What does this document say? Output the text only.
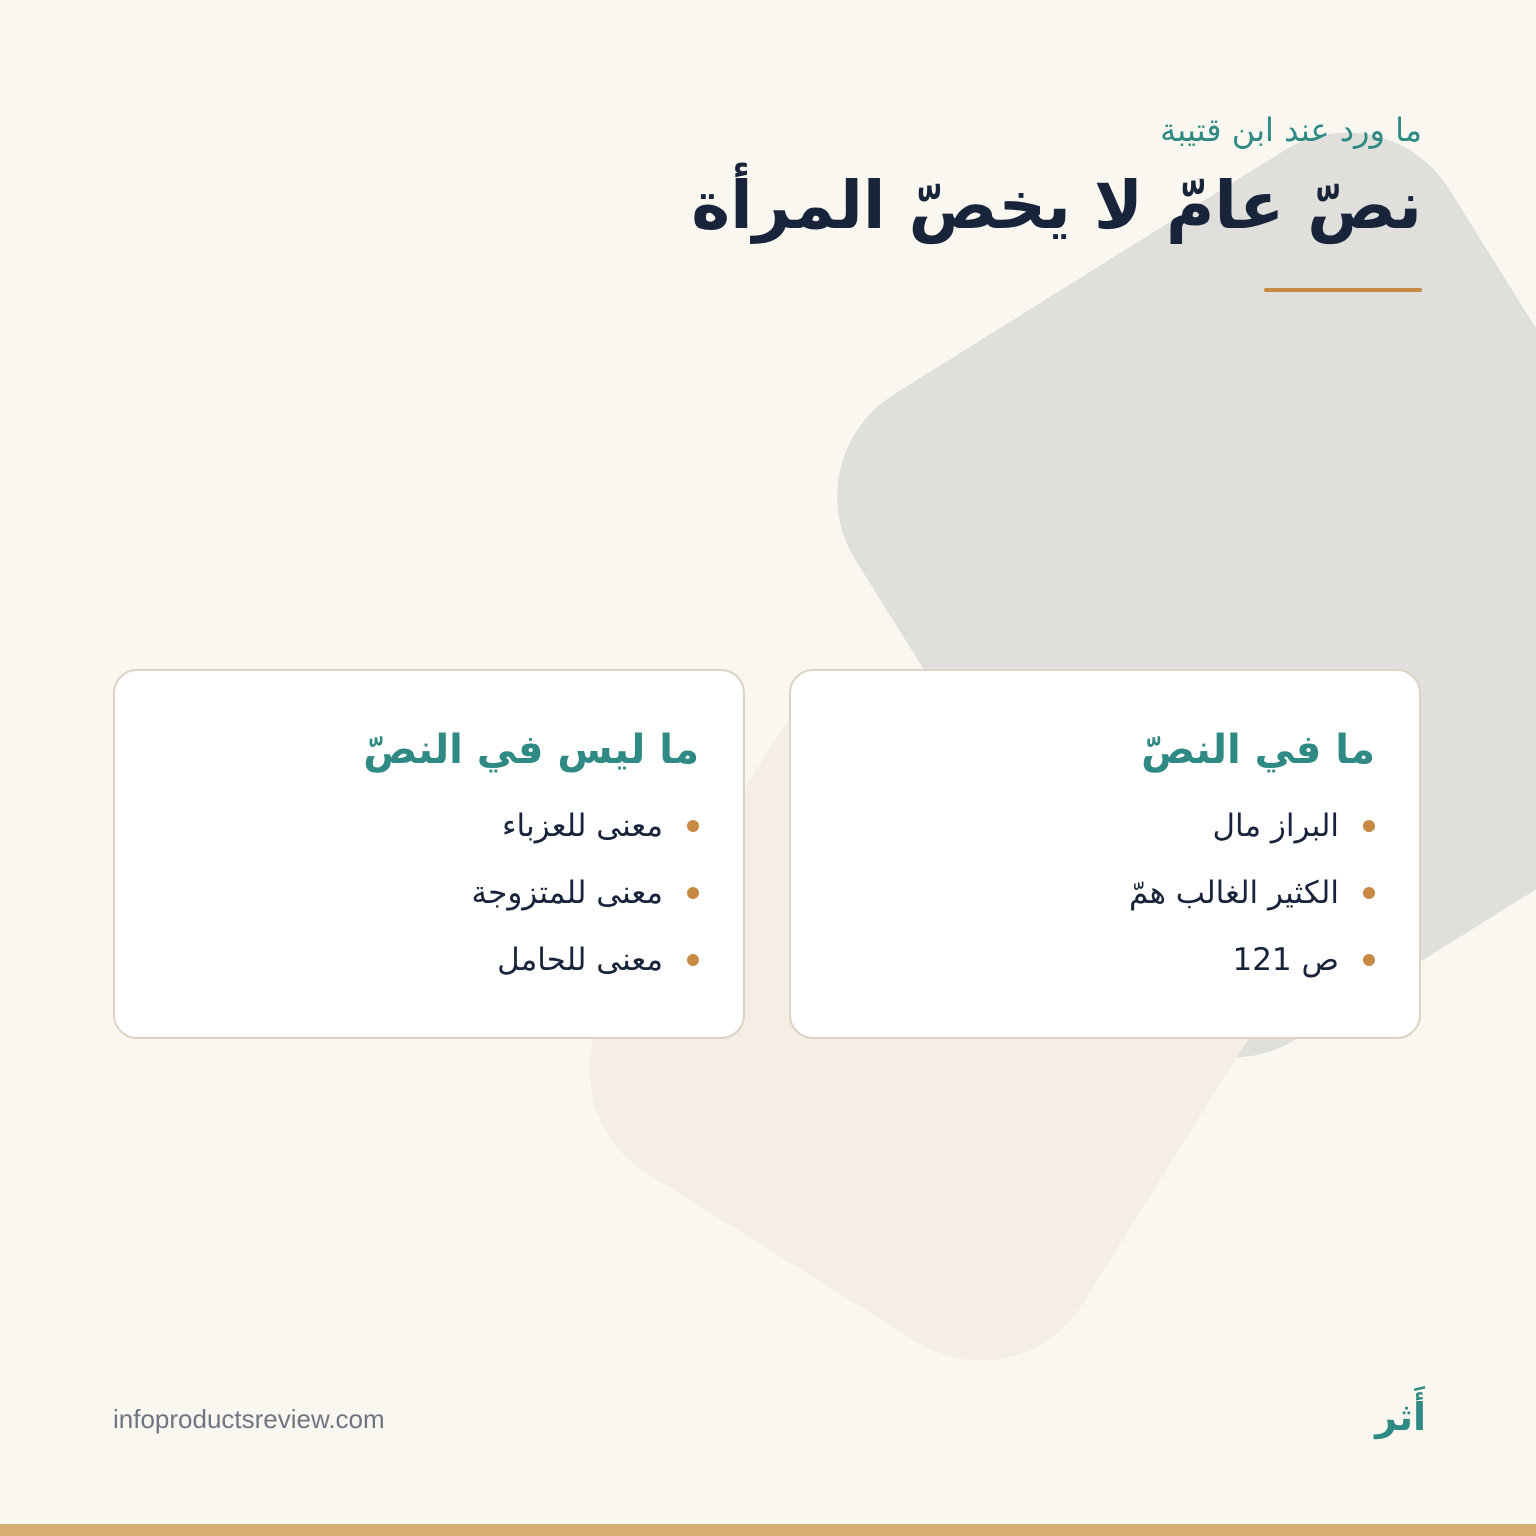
ما ورد عند ابن قتيبة
نصّ عامّ لا يخصّ المرأة
ما في النصّ
البراز مال
الكثير الغالب همّ
ص 121
ما ليس في النصّ
معنى للعزباء
معنى للمتزوجة
معنى للحامل
infoproductsreview.com	أَثر
